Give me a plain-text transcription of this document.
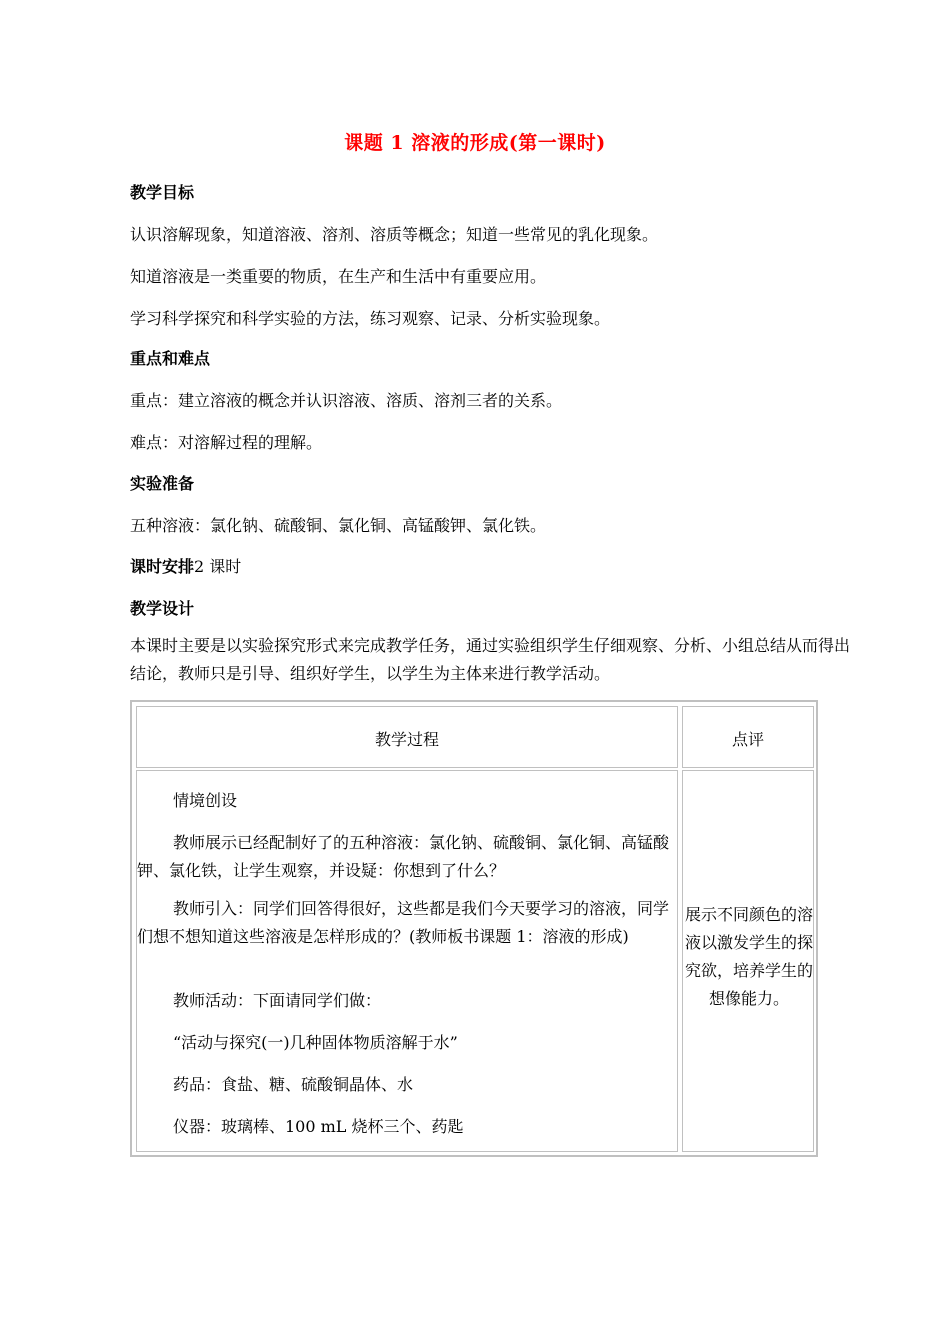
课题 1 溶液的形成(第一课时)
教学目标
认识溶解现象，知道溶液、溶剂、溶质等概念；知道一些常见的乳化现象。
知道溶液是一类重要的物质，在生产和生活中有重要应用。
学习科学探究和科学实验的方法，练习观察、记录、分析实验现象。
重点和难点
重点：建立溶液的概念并认识溶液、溶质、溶剂三者的关系。
难点：对溶解过程的理解。
实验准备
五种溶液：氯化钠、硫酸铜、氯化铜、高锰酸钾、氯化铁。
课时安排2 课时
教学设计
本课时主要是以实验探究形式来完成教学任务，通过实验组织学生仔细观察、分析、小组总结从而得出结论，教师只是引导、组织好学生，以学生为主体来进行教学活动。
教学过程	点评
情境创设
教师展示已经配制好了的五种溶液：氯化钠、硫酸铜、氯化铜、高锰酸钾、氯化铁，让学生观察，并设疑：你想到了什么？
教师引入：同学们回答得很好，这些都是我们今天要学习的溶液，同学们想不想知道这些溶液是怎样形成的？(教师板书课题 1：溶液的形成)
教师活动：下面请同学们做：
“活动与探究(一)几种固体物质溶解于水”
药品：食盐、糖、硫酸铜晶体、水
仪器：玻璃棒、100 mL 烧杯三个、药匙
展示不同颜色的溶液以激发学生的探究欲，培养学生的想像能力。
